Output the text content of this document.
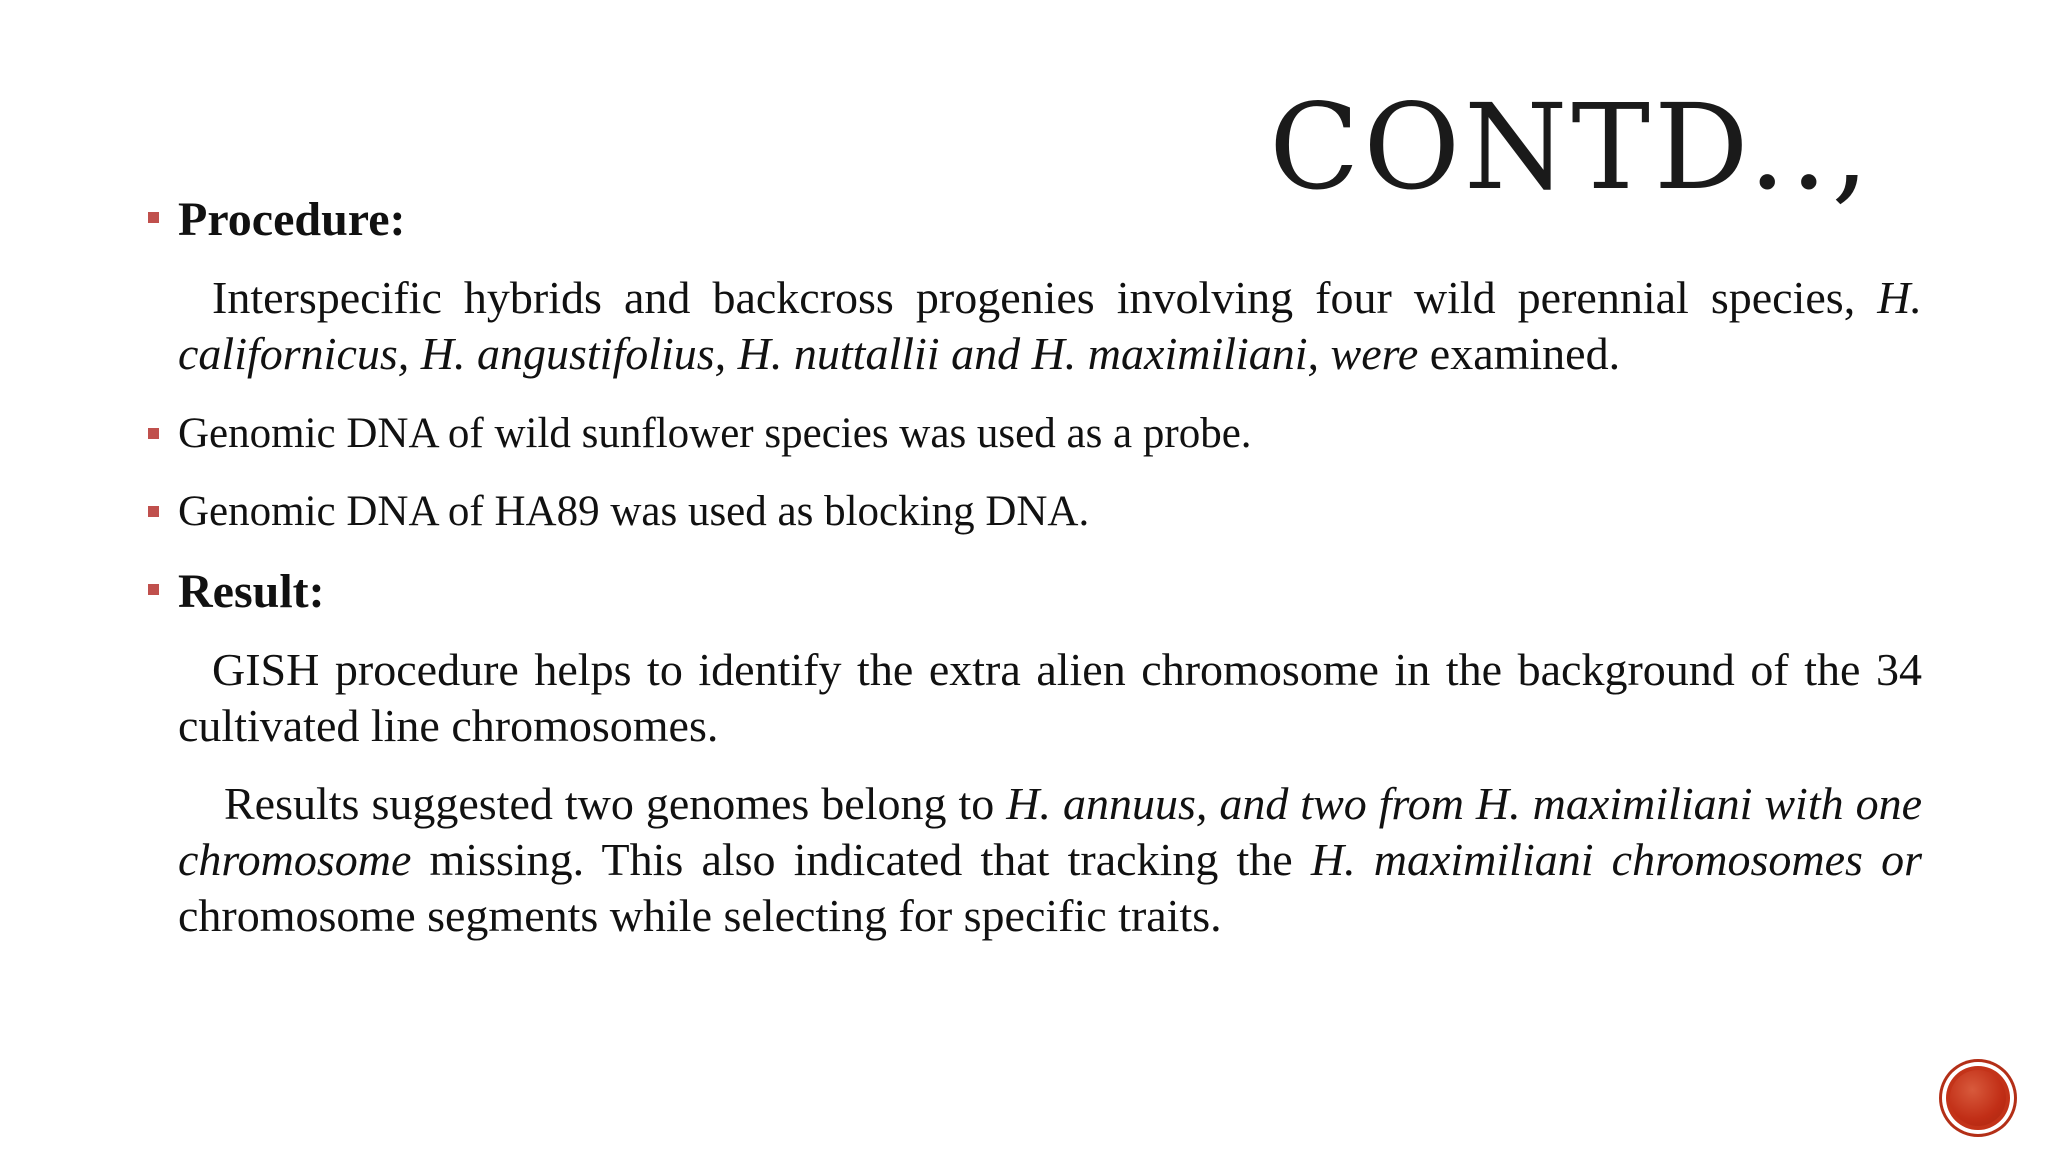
CONTD..,
Procedure:
Interspecific hybrids and backcross progenies involving four wild perennial species, H. californicus, H. angustifolius, H. nuttallii and H. maximiliani, were examined.
Genomic DNA of wild sunflower species was used as a probe.
Genomic DNA of HA89 was used as blocking DNA.
Result:
GISH procedure helps to identify the extra alien chromosome in the background of the 34 cultivated line chromosomes.
Results suggested two genomes belong to H. annuus, and two from H. maximiliani with one chromosome missing. This also indicated that tracking the H. maximiliani chromosomes or chromosome segments while selecting for specific traits.
